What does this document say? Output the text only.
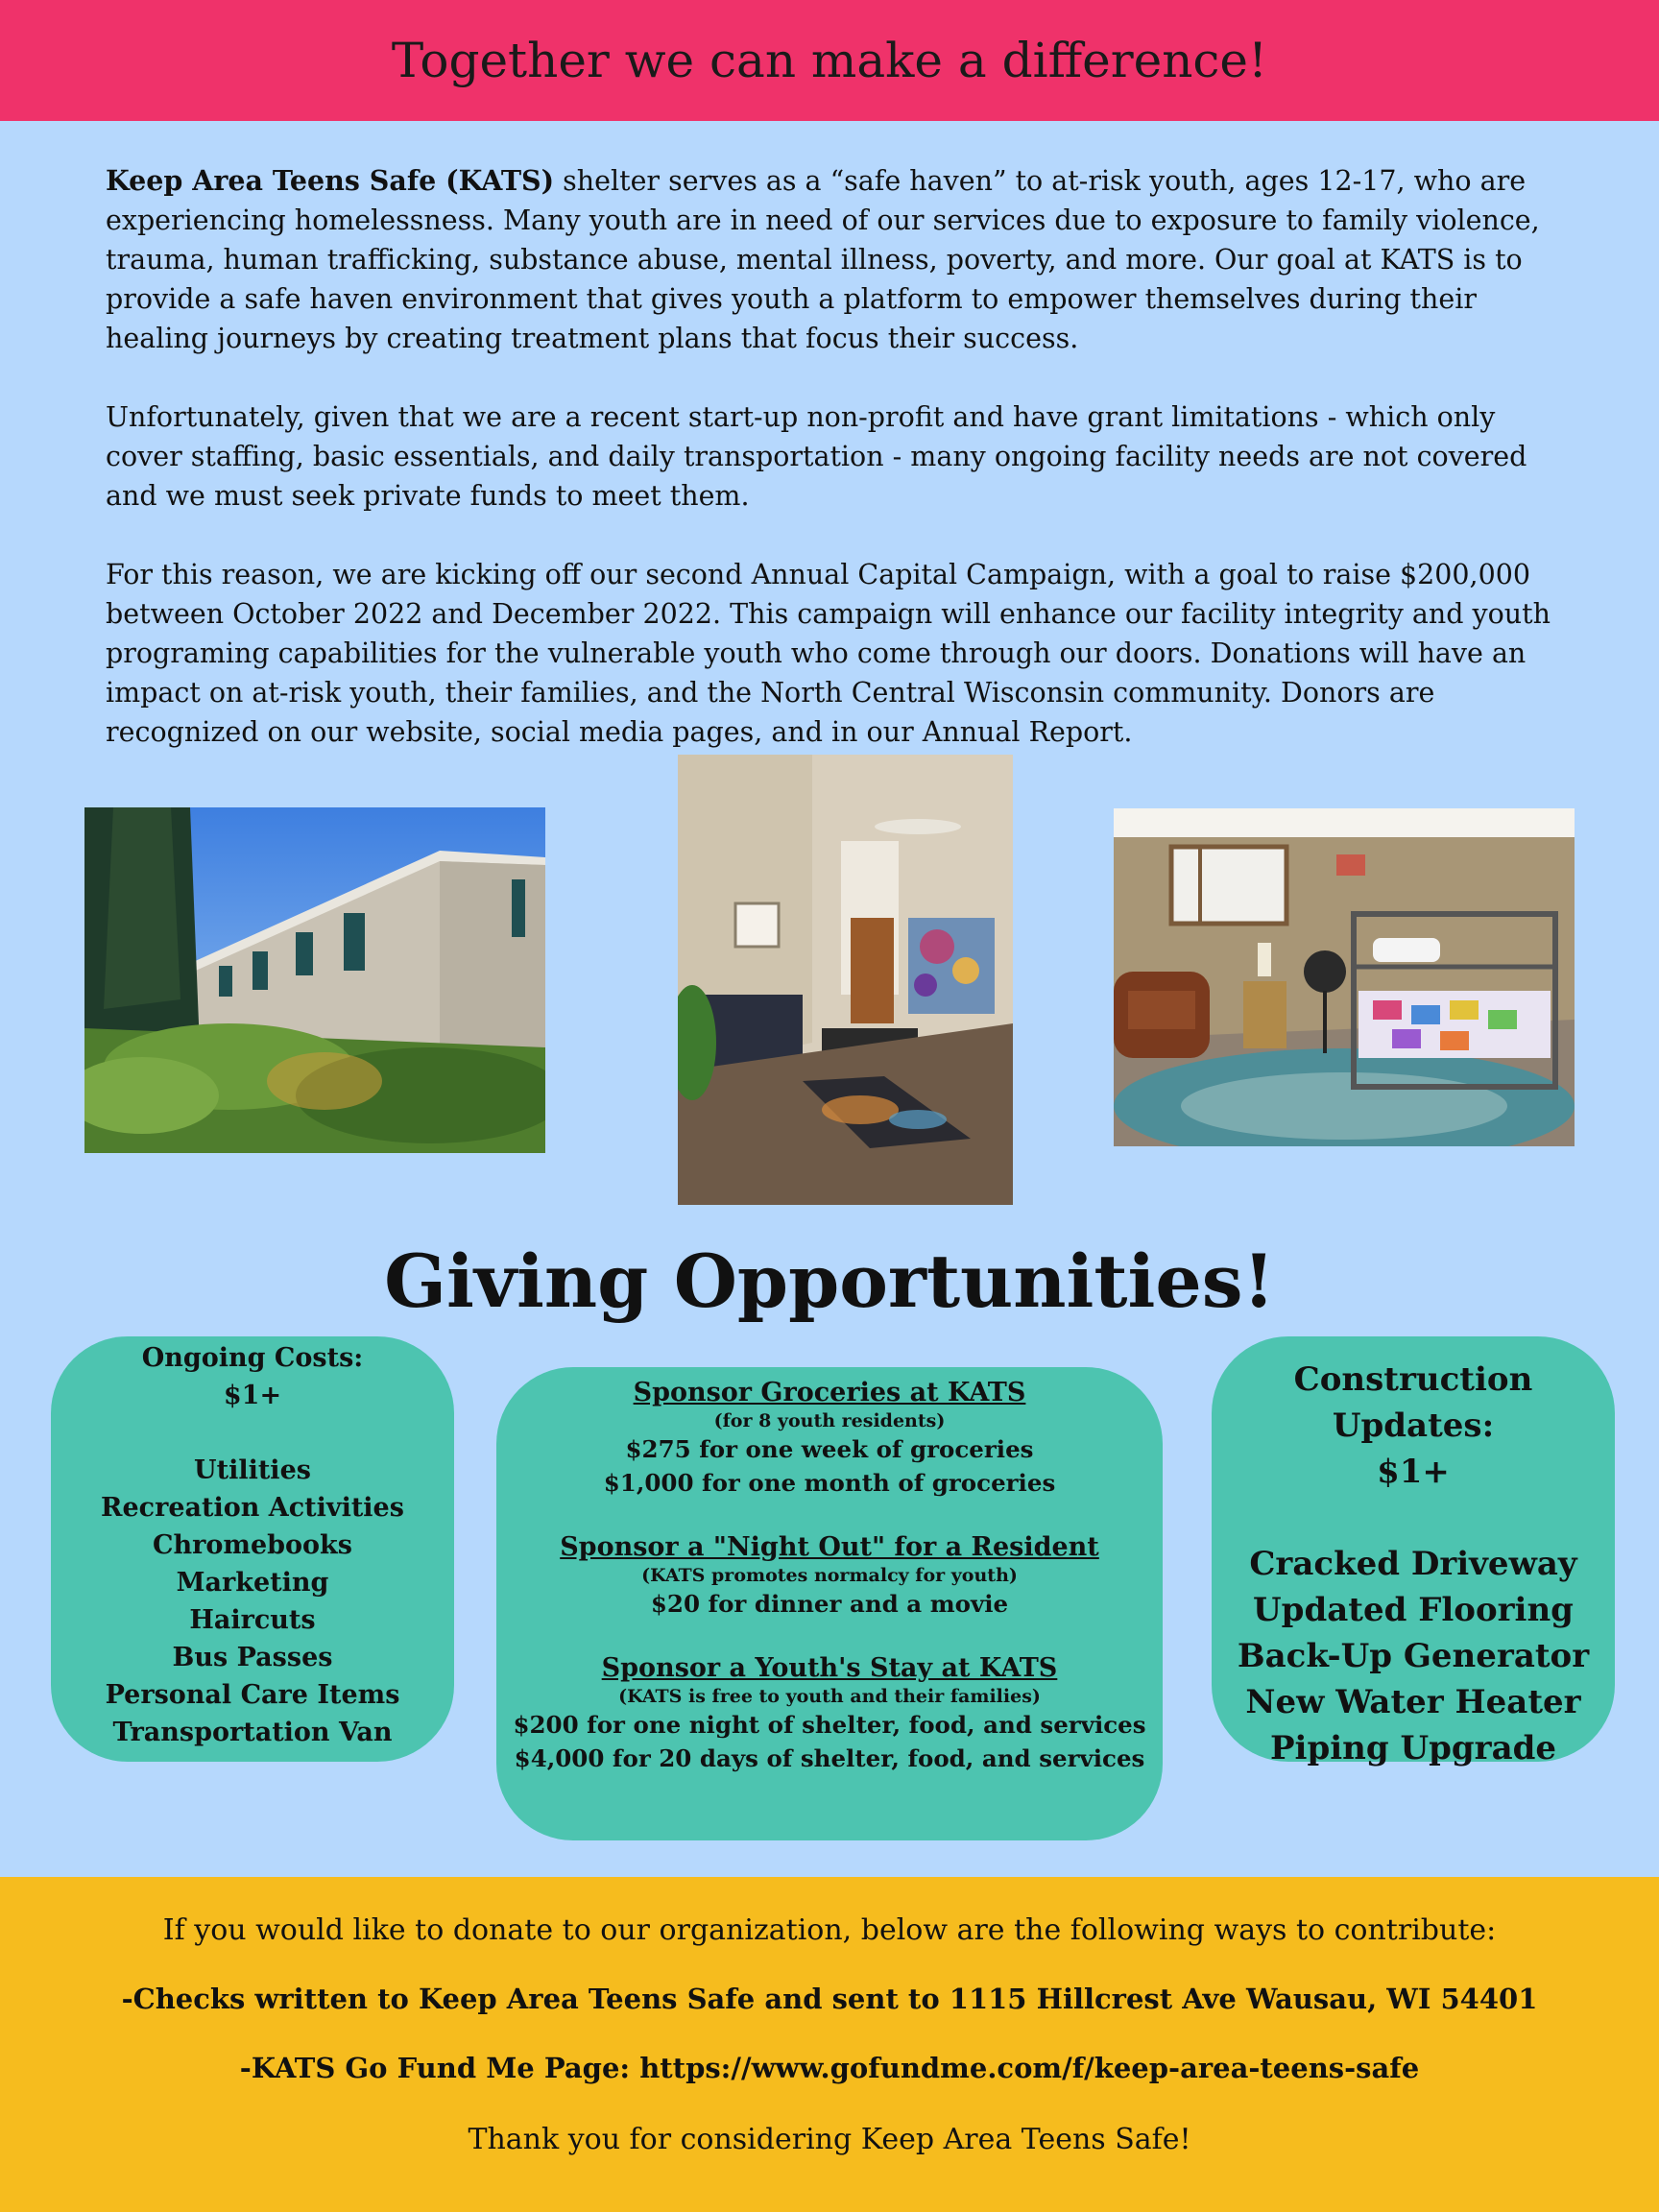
Together we can make a difference!

Keep Area Teens Safe (KATS) shelter serves as a “safe haven” to at-risk youth, ages 12-17, who are experiencing homelessness. Many youth are in need of our services due to exposure to family violence, trauma, human trafficking, substance abuse, mental illness, poverty, and more. Our goal at KATS is to provide a safe haven environment that gives youth a platform to empower themselves during their healing journeys by creating treatment plans that focus their success.

Unfortunately, given that we are a recent start-up non-profit and have grant limitations - which only cover staffing, basic essentials, and daily transportation - many ongoing facility needs are not covered and we must seek private funds to meet them.

For this reason, we are kicking off our second Annual Capital Campaign, with a goal to raise $200,000 between October 2022 and December 2022. This campaign will enhance our facility integrity and youth programing capabilities for the vulnerable youth who come through our doors. Donations will have an impact on at-risk youth, their families, and the North Central Wisconsin community. Donors are recognized on our website, social media pages, and in our Annual Report.

Giving Opportunities!
Ongoing Costs:
$1+
Utilities
Recreation Activities
Chromebooks
Marketing
Haircuts
Bus Passes
Personal Care Items
Transportation Van
Sponsor Groceries at KATS
(for 8 youth residents)
$275 for one week of groceries
$1,000 for one month of groceries
Sponsor a "Night Out" for a Resident
(KATS promotes normalcy for youth)
$20 for dinner and a movie
Sponsor a Youth's Stay at KATS
(KATS is free to youth and their families)
$200 for one night of shelter, food, and services
$4,000 for 20 days of shelter, food, and services
Construction Updates:
$1+
Cracked Driveway
Updated Flooring
Back-Up Generator
New Water Heater
Piping Upgrade
If you would like to donate to our organization, below are the following ways to contribute:
-Checks written to Keep Area Teens Safe and sent to 1115 Hillcrest Ave Wausau, WI 54401
-KATS Go Fund Me Page: https://www.gofundme.com/f/keep-area-teens-safe
Thank you for considering Keep Area Teens Safe!
